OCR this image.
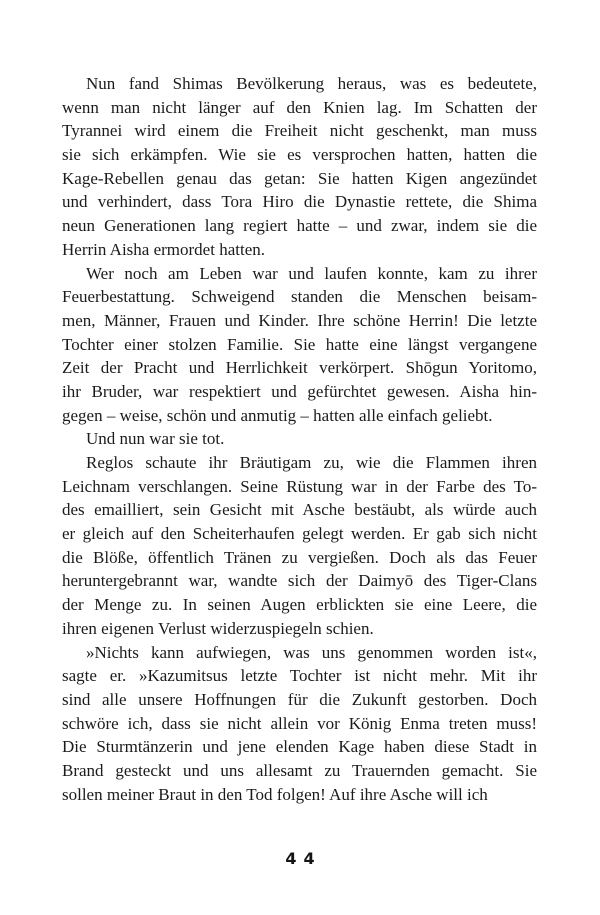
Nun fand Shimas Bevölkerung heraus, was es bedeutete,
wenn man nicht länger auf den Knien lag. Im Schatten der
Tyrannei wird einem die Freiheit nicht geschenkt, man muss
sie sich erkämpfen. Wie sie es versprochen hatten, hatten die
Kage-Rebellen genau das getan: Sie hatten Kigen angezündet
und verhindert, dass Tora Hiro die Dynastie rettete, die Shima
neun Generationen lang regiert hatte – und zwar, indem sie die
Herrin Aisha ermordet hatten.
Wer noch am Leben war und laufen konnte, kam zu ihrer
Feuerbestattung. Schweigend standen die Menschen beisam-
men, Männer, Frauen und Kinder. Ihre schöne Herrin! Die letzte
Tochter einer stolzen Familie. Sie hatte eine längst vergangene
Zeit der Pracht und Herrlichkeit verkörpert. Shōgun Yoritomo,
ihr Bruder, war respektiert und gefürchtet gewesen. Aisha hin-
gegen – weise, schön und anmutig – hatten alle einfach geliebt.
Und nun war sie tot.
Reglos schaute ihr Bräutigam zu, wie die Flammen ihren
Leichnam verschlangen. Seine Rüstung war in der Farbe des To-
des emailliert, sein Gesicht mit Asche bestäubt, als würde auch
er gleich auf den Scheiterhaufen gelegt werden. Er gab sich nicht
die Blöße, öffentlich Tränen zu vergießen. Doch als das Feuer
heruntergebrannt war, wandte sich der Daimyō des Tiger-Clans
der Menge zu. In seinen Augen erblickten sie eine Leere, die
ihren eigenen Verlust widerzuspiegeln schien.
»Nichts kann aufwiegen, was uns genommen worden ist«,
sagte er. »Kazumitsus letzte Tochter ist nicht mehr. Mit ihr
sind alle unsere Hoffnungen für die Zukunft gestorben. Doch
schwöre ich, dass sie nicht allein vor König Enma treten muss!
Die Sturmtänzerin und jene elenden Kage haben diese Stadt in
Brand gesteckt und uns allesamt zu Trauernden gemacht. Sie
sollen meiner Braut in den Tod folgen! Auf ihre Asche will ich
44
